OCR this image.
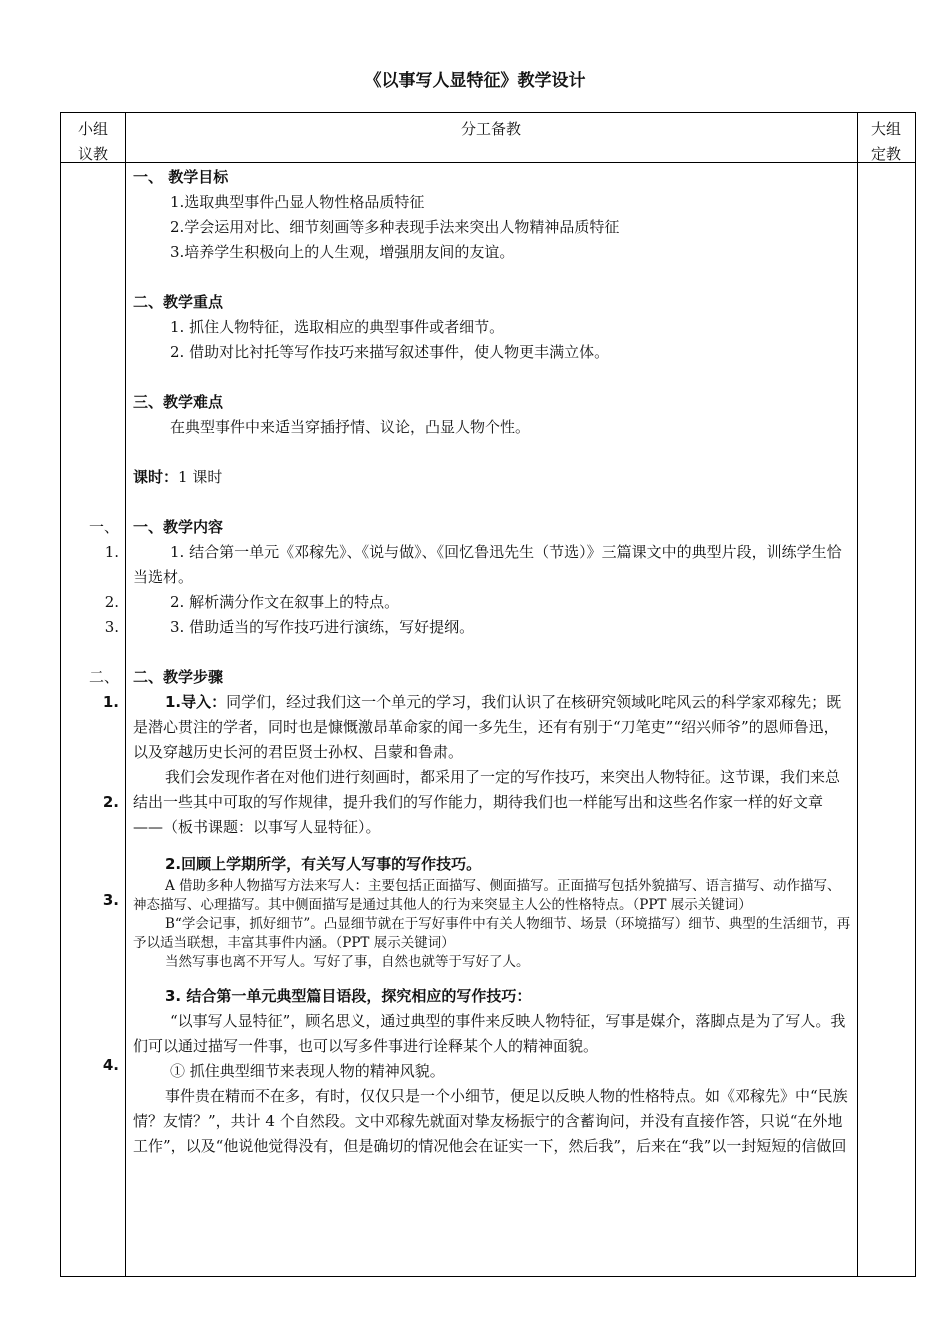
《以事写人显特征》教学设计
小组
议教
分工备教	大组
定教
一、
1.
2.
3.
二、
1.
2.
3.
4.

一、 教学目标

1.选取典型事件凸显人物性格品质特征

2.学会运用对比、细节刻画等多种表现手法来突出人物精神品质特征

3.培养学生积极向上的人生观，增强朋友间的友谊。

二、教学重点

1. 抓住人物特征，选取相应的典型事件或者细节。

2. 借助对比衬托等写作技巧来描写叙述事件，使人物更丰满立体。

三、教学难点

在典型事件中来适当穿插抒情、议论，凸显人物个性。

课时：1 课时

一、教学内容

1. 结合第一单元《邓稼先》、《说与做》、《回忆鲁迅先生（节选）》三篇课文中的典型片段，训练学生恰当选材。

2. 解析满分作文在叙事上的特点。

3. 借助适当的写作技巧进行演练，写好提纲。

二、教学步骤

1.导入：同学们，经过我们这一个单元的学习，我们认识了在核研究领域叱咤风云的科学家邓稼先；既是潜心贯注的学者，同时也是慷慨激昂革命家的闻一多先生，还有有别于“刀笔吏”“绍兴师爷”的恩师鲁迅，以及穿越历史长河的君臣贤士孙权、吕蒙和鲁肃。

我们会发现作者在对他们进行刻画时，都采用了一定的写作技巧，来突出人物特征。这节课，我们来总结出一些其中可取的写作规律，提升我们的写作能力，期待我们也一样能写出和这些名作家一样的好文章——（板书课题：以事写人显特征）。

2.回顾上学期所学，有关写人写事的写作技巧。

A 借助多种人物描写方法来写人：主要包括正面描写、侧面描写。正面描写包括外貌描写、语言描写、动作描写、神态描写、心理描写。其中侧面描写是通过其他人的行为来突显主人公的性格特点。（PPT 展示关键词）

B“学会记事，抓好细节”。凸显细节就在于写好事件中有关人物细节、场景（环境描写）细节、典型的生活细节，再予以适当联想，丰富其事件内涵。（PPT 展示关键词）

当然写事也离不开写人。写好了事，自然也就等于写好了人。

3. 结合第一单元典型篇目语段，探究相应的写作技巧：

“以事写人显特征”，顾名思义，通过典型的事件来反映人物特征，写事是媒介，落脚点是为了写人。我们可以通过描写一件事，也可以写多件事进行诠释某个人的精神面貌。

① 抓住典型细节来表现人物的精神风貌。

事件贵在精而不在多，有时，仅仅只是一个小细节，便足以反映人物的性格特点。如《邓稼先》中“民族情？友情？”，共计 4 个自然段。文中邓稼先就面对挚友杨振宁的含蓄询问，并没有直接作答，只说“在外地工作”，以及“他说他觉得没有，但是确切的情况他会在证实一下，然后我”，后来在“我”以一封短短的信做回
